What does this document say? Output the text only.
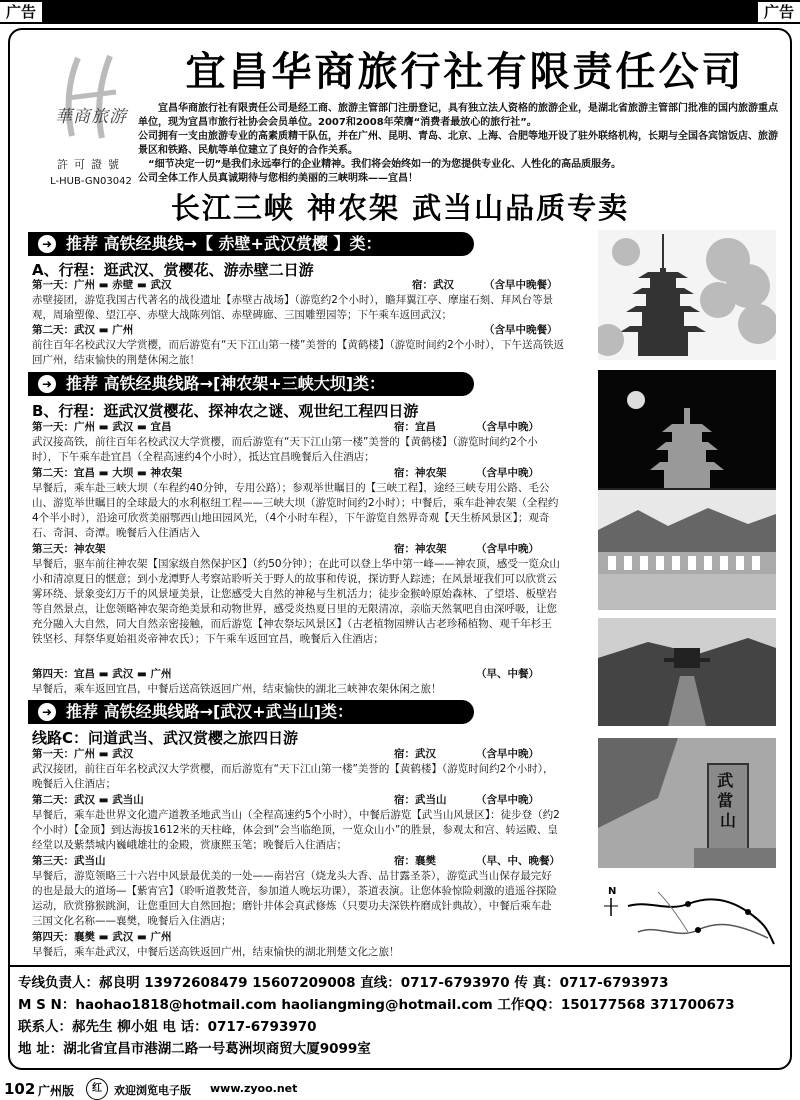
广告	广告
華商旅游
許可證號
L-HUB-GN03042
宜昌华商旅行社有限责任公司

宜昌华商旅行社有限责任公司是经工商、旅游主管部门注册登记，具有独立法人资格的旅游企业，是湖北省旅游主管部门批准的国内旅游重点单位，现为宜昌市旅行社协会会员单位。2007和2008年荣膺“消费者最放心的旅行社”。

公司拥有一支由旅游专业的高素质精干队伍，并在广州、昆明、青岛、北京、上海、合肥等地开设了驻外联络机构，长期与全国各宾馆饭店、旅游景区和铁路、民航等单位建立了良好的合作关系。

“细节决定一切”是我们永远奉行的企业精神。我们将会始终如一的为您提供专业化、人性化的高品质服务。

公司全体工作人员真诚期待与您相约美丽的三峡明珠——宜昌！

长江三峡 神农架 武当山品质专卖
➜ 推荐 高铁经典线→【 赤壁+武汉赏樱 】类：
A、行程：逛武汉、赏樱花、游赤壁二日游
第一天：广州 ▬ 赤壁 ▬ 武汉	宿：武汉	（含早中晚餐）
赤壁接团，游览我国古代著名的战役遗址【赤壁古战场】（游览约2个小时），瞻拜翼江亭、摩崖石刻、拜风台等景观，周瑜塑像、望江亭、赤壁大战陈列馆、赤壁碑廊、三国雕塑园等；下午乘车返回武汉；
第二天：武汉 ▬ 广州	（含早中晚餐）
前往百年名校武汉大学赏樱，而后游览有“天下江山第一楼”美誉的【黄鹤楼】（游览时间约2个小时），下午送高铁返回广州，结束愉快的荆楚休闲之旅！
➜ 推荐 高铁经典线路→[神农架+三峡大坝]类：
B、行程：逛武汉赏樱花、探神农之谜、观世纪工程四日游
第一天：广州 ▬ 武汉 ▬ 宜昌	宿：宜昌	（含早中晚）
武汉接高铁，前往百年名校武汉大学赏樱，而后游览有“天下江山第一楼”美誉的【黄鹤楼】（游览时间约2个小时），下午乘车赴宜昌（全程高速约4个小时），抵达宜昌晚餐后入住酒店；
第二天：宜昌 ▬ 大坝 ▬ 神农架	宿：神农架	（含早中晚）
早餐后，乘车赴三峡大坝（车程约40分钟，专用公路）；参观举世瞩目的【三峡工程】，途经三峡专用公路、毛公山、游览举世瞩目的全球最大的水利枢纽工程——三峡大坝（游览时间约2小时）；中餐后，乘车赴神农架（全程约4个半小时），沿途可欣赏美丽鄂西山地田园风光，（4个小时车程），下午游览自然界奇观【天生桥风景区】；观奇石、奇洞、奇潭。晚餐后入住酒店入
第三天：神农架	宿：神农架	（含早中晚）
早餐后，驱车前往神农架【国家级自然保护区】（约50分钟）；在此可以登上华中第一峰——神农顶，感受一览众山小和清凉夏日的惬意；到小龙潭野人考察站聆听关于野人的故事和传说，探访野人踪迹；在风景垭我们可以欣赏云雾环绕、景象变幻万千的风景垭美景，让您感受大自然的神秘与生机活力；徒步金猴岭原始森林、了望塔、板壁岩等自然景点，让您领略神农架奇绝美景和动物世界，感受炎热夏日里的无限清凉，亲临天然氧吧自由深呼吸，让您充分融入大自然，同大自然亲密接触，而后游览【神农祭坛风景区】（古老植物园辨认古老珍稀植物、观千年杉王铁坚杉、拜祭华夏始祖炎帝神农氏）；下午乘车返回宜昌，晚餐后入住酒店；
第四天：宜昌 ▬ 武汉 ▬ 广州	（早、中餐）
早餐后，乘车返回宜昌，中餐后送高铁返回广州，结束愉快的湖北三峡神农架休闲之旅！
➜ 推荐 高铁经典线路→[武汉+武当山]类：
线路C：问道武当、武汉赏樱之旅四日游
第一天：广州 ▬ 武汉	宿：武汉	（含早中晚）
武汉接团，前往百年名校武汉大学赏樱，而后游览有“天下江山第一楼”美誉的【黄鹤楼】（游览时间约2个小时），晚餐后入住酒店；
第二天：武汉 ▬ 武当山	宿：武当山	（含早中晚）
早餐后，乘车赴世界文化遗产道教圣地武当山（全程高速约5个小时），中餐后游览【武当山风景区】：徒步登（约2个小时）【金顶】到达海拔1612米的天柱峰，体会到“会当临绝顶，一览众山小”的胜景，参观太和宫、转运殿、皇经堂以及紫禁城内巍峨雄壮的金殿，赏康熙玉笔；晚餐后入住酒店；
第三天：武当山	宿：襄樊	（早、中、晚餐）
早餐后，游览领略三十六岩中风景最优美的一处——南岩宫（烧龙头大香、品甘露圣茶），游览武当山保存最完好的也是最大的道场—【紫宵宫】（聆听道教梵音，参加道人晚坛功课），茶道表演。让您体验惊险刺激的逍遥谷探险运动，欣赏猕猴跳涧，让您重回大自然回抱；磨针井体会真武修炼（只要功夫深铁杵磨成针典故），中餐后乘车赴三国文化名称——襄樊，晚餐后入住酒店；
第四天：襄樊 ▬ 武汉 ▬ 广州
早餐后，乘车赴武汉，中餐后送高铁返回广州，结束愉快的湖北荆楚文化之旅！
武 當 山
N
专线负责人：郝良明 13972608479 15607209008 直线：0717-6793970 传 真：0717-6793973
M S N：haohao1818@hotmail.com haoliangming@hotmail.com 工作QQ：150177568 371700673
联系人：郝先生 柳小姐 电 话：0717-6793970
地 址：湖北省宜昌市港湖二路一号葛洲坝商贸大厦9099室
102 广州版	红	欢迎浏览电子版 www.zyoo.net
